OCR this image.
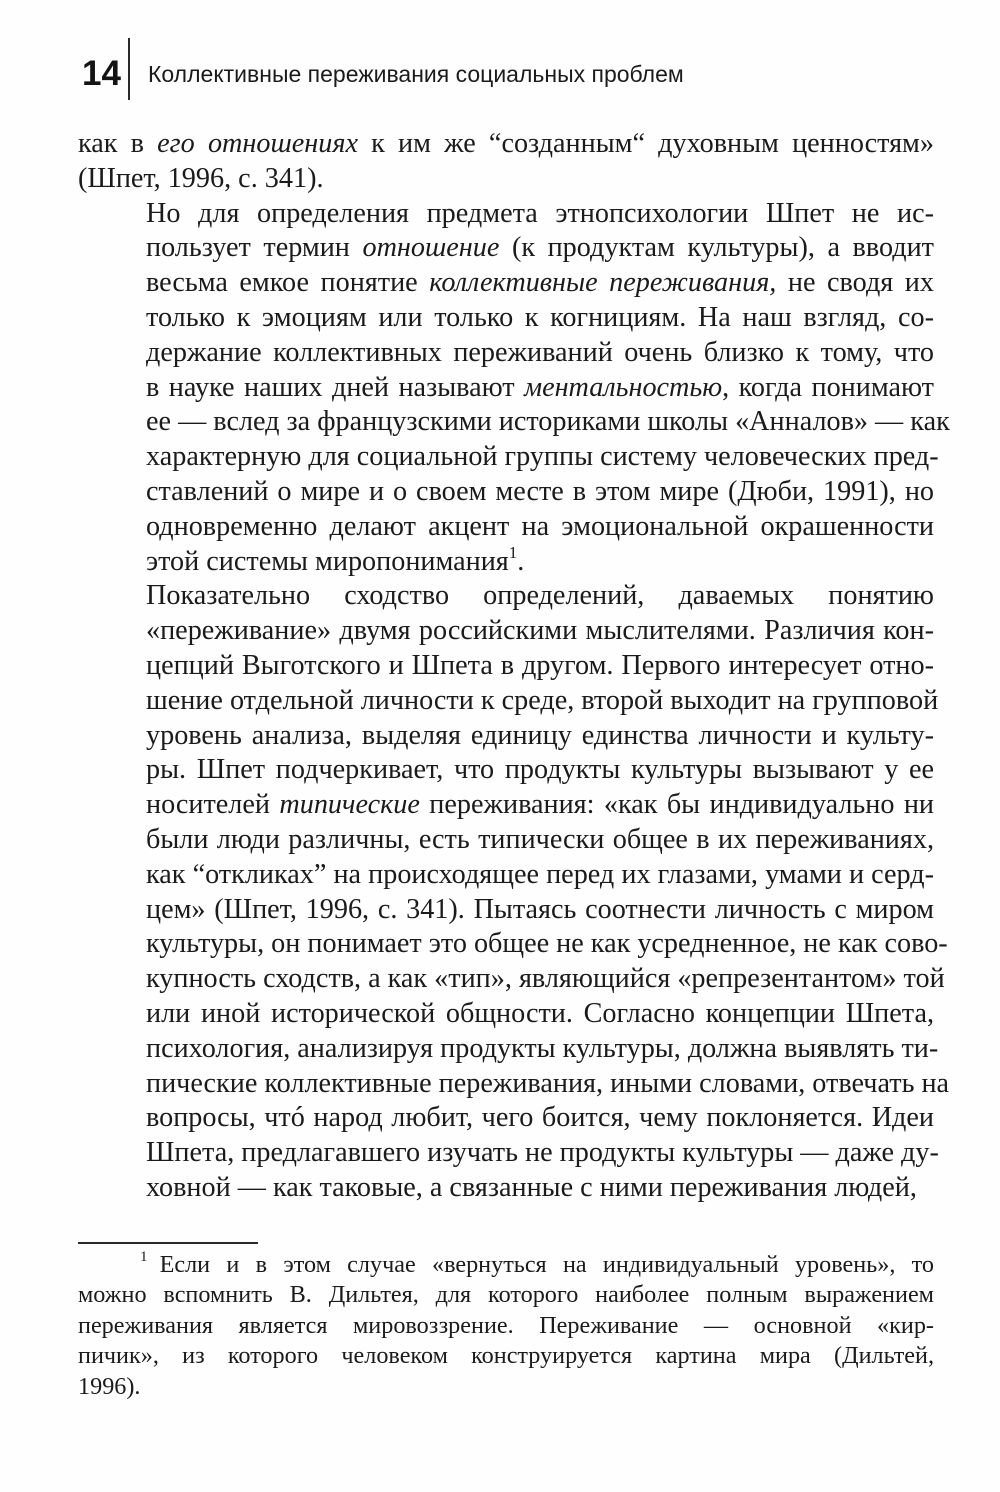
14 Коллективные переживания социальных проблем

как в его отношениях к им же “созданным“ духовным ценностям»
(Шпет, 1996, с. 341).

Но для определения предмета этнопсихологии Шпет не ис-
пользует термин отношение (к продуктам культуры), а вводит
весьма емкое понятие коллективные переживания, не сводя их
только к эмоциям или только к когнициям. На наш взгляд, со-
держание коллективных переживаний очень близко к тому, что
в науке наших дней называют ментальностью, когда понимают
ее — вслед за французскими историками школы «Анналов» — как
характерную для социальной группы систему человеческих пред-
ставлений о мире и о своем месте в этом мире (Дюби, 1991), но
одновременно делают акцент на эмоциональной окрашенности
этой системы миропонимания$^1$.

Показательно сходство определений, даваемых понятию
«переживание» двумя российскими мыслителями. Различия кон-
цепций Выготского и Шпета в другом. Первого интересует отно-
шение отдельной личности к среде, второй выходит на групповой
уровень анализа, выделяя единицу единства личности и культу-
ры. Шпет подчеркивает, что продукты культуры вызывают у ее
носителей типические переживания: «как бы индивидуально ни
были люди различны, есть типически общее в их переживаниях,
как “откликах” на происходящее перед их глазами, умами и серд-
цем» (Шпет, 1996, с. 341). Пытаясь соотнести личность с миром
культуры, он понимает это общее не как усредненное, не как сово-
купность сходств, а как «тип», являющийся «репрезентантом» той
или иной исторической общности. Согласно концепции Шпета,
психология, анализируя продукты культуры, должна выявлять ти-
пические коллективные переживания, иными словами, отвечать на
вопросы, чтó народ любит, чего боится, чему поклоняется. Идеи
Шпета, предлагавшего изучать не продукты культуры — даже ду-
ховной — как таковые, а связанные с ними переживания людей,

$^1$  Если и в этом случае «вернуться на индивидуальный уровень», то
можно вспомнить В. Дильтея, для которого наиболее полным выражением
переживания является мировоззрение. Переживание — основной «кир-
пичик», из которого человеком конструируется картина мира (Дильтей,
1996).
